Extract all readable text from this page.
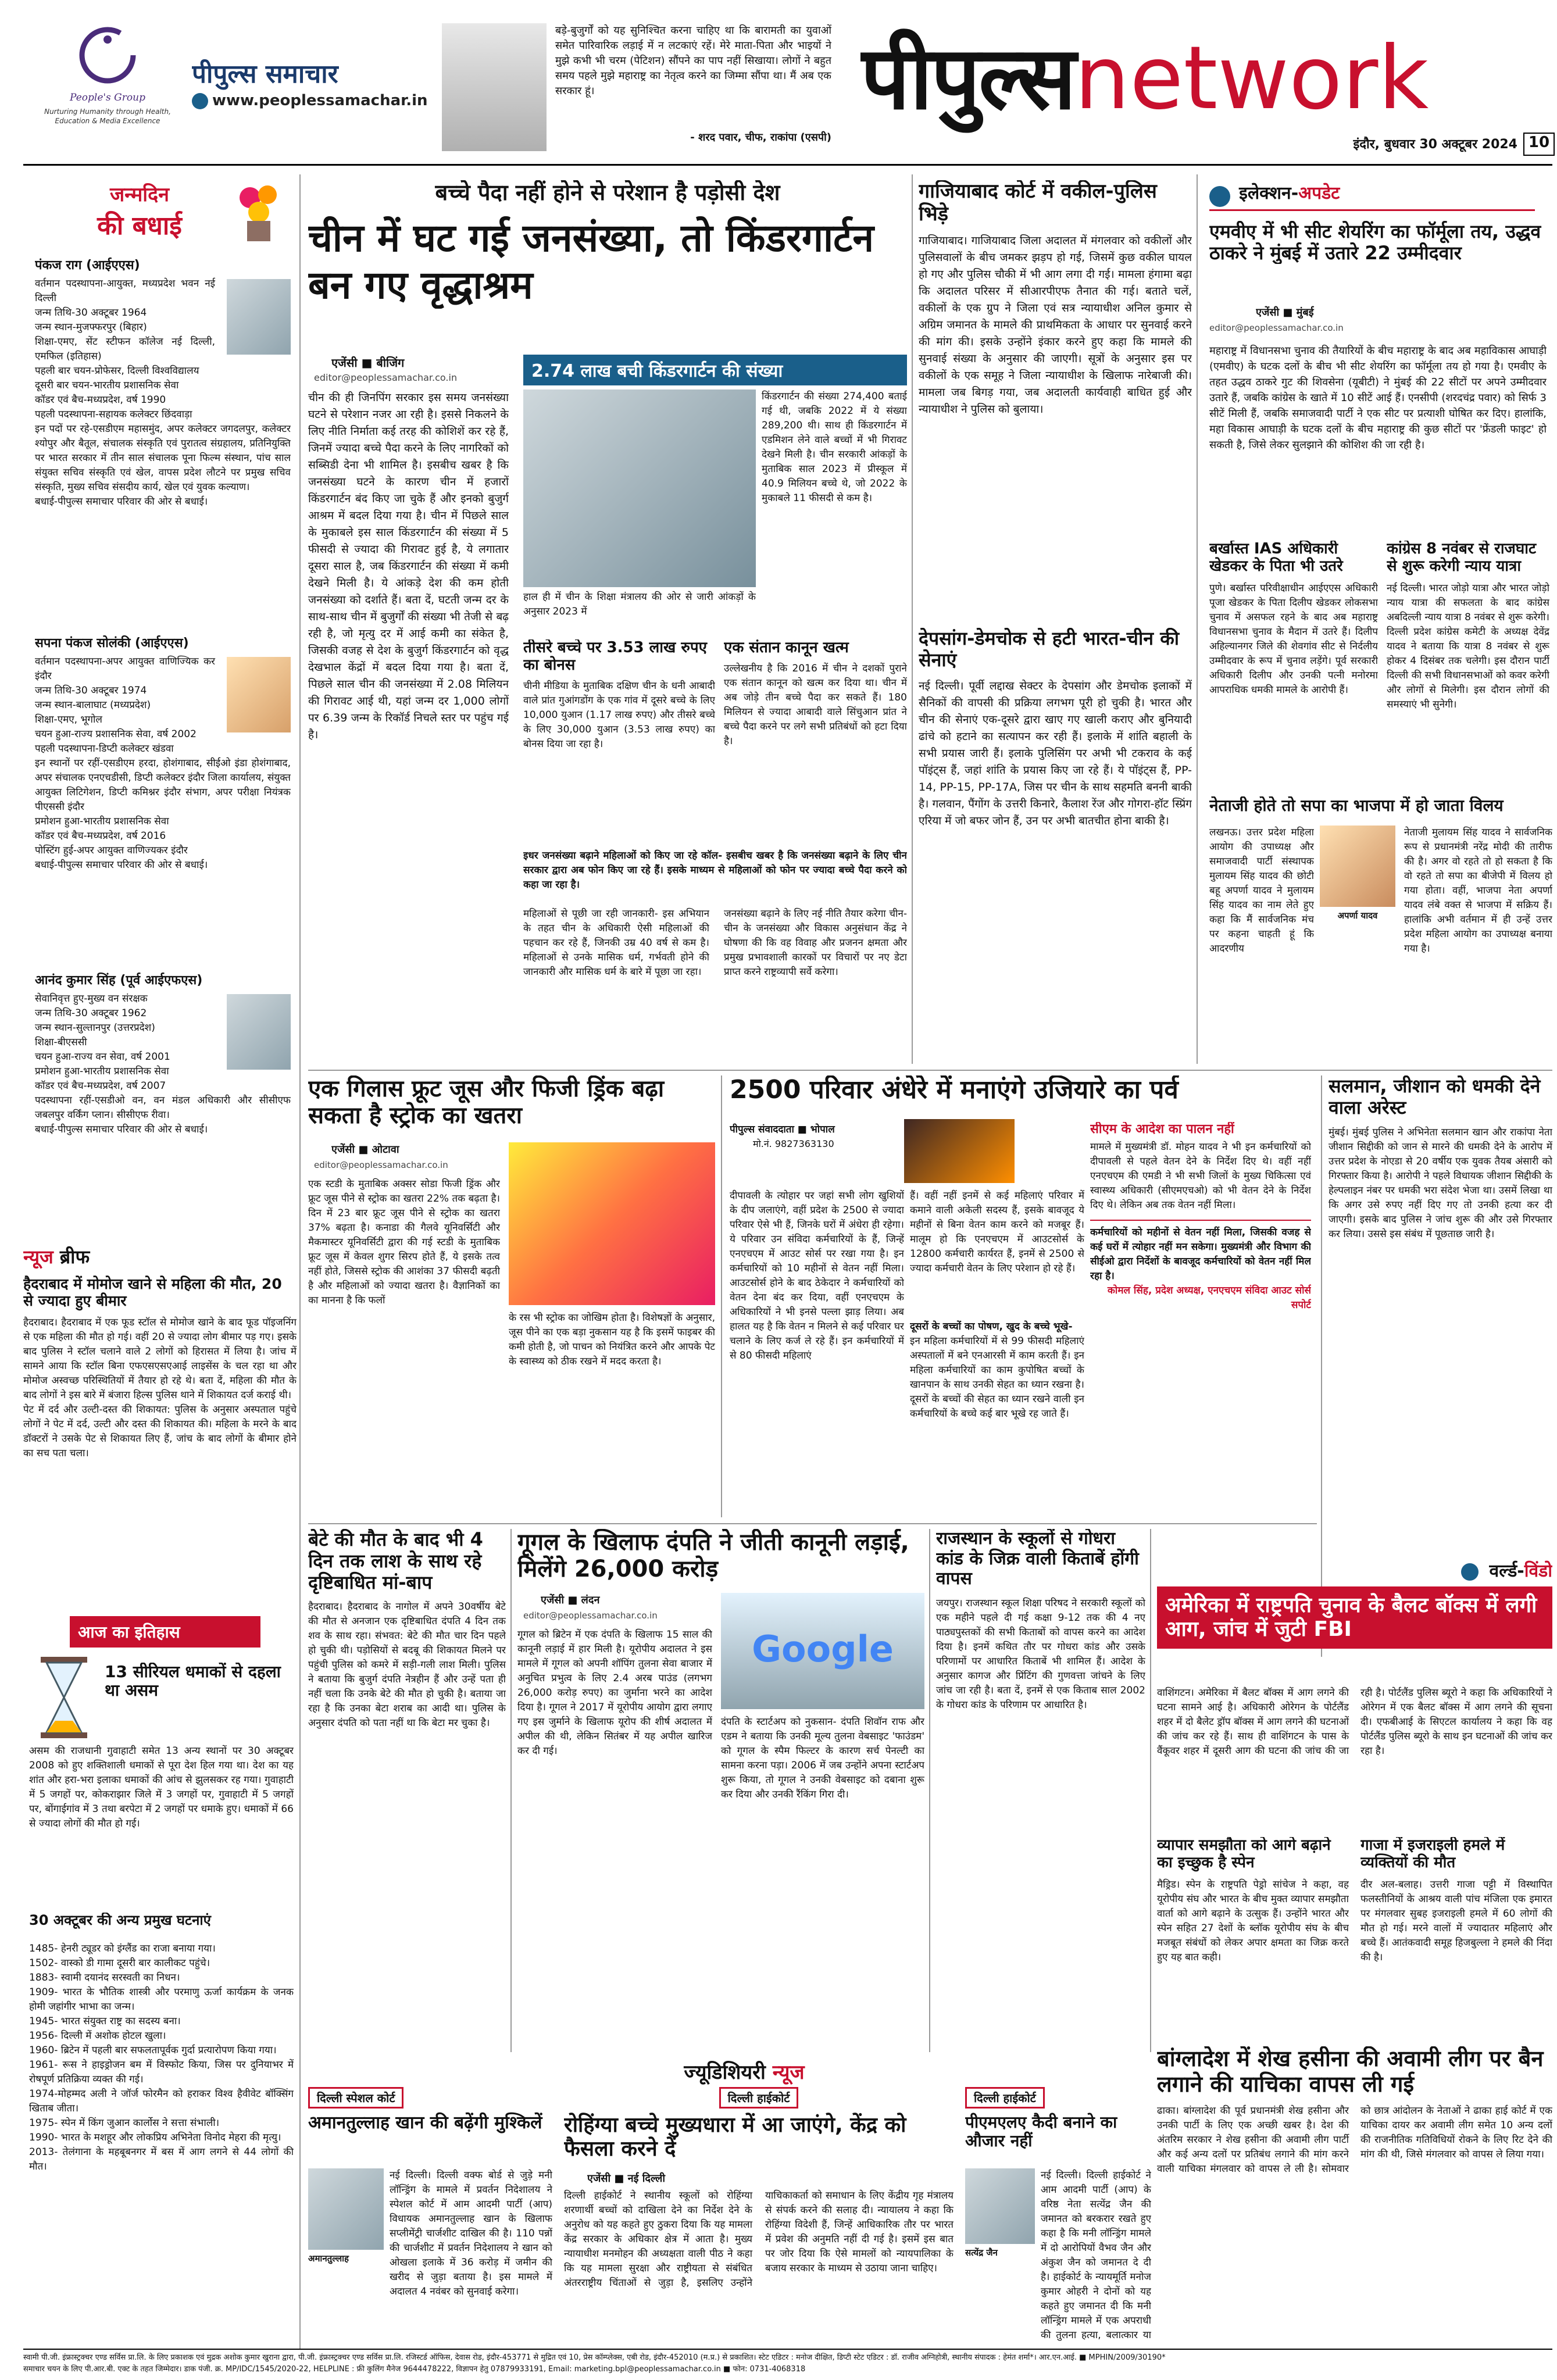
People's Group
Nurturing Humanity through Health, Education & Media Excellence
पीपुल्स समाचार
www.peoplessamachar.in
बड़े-बुजुर्गों को यह सुनिश्चित करना चाहिए था कि बारामती का युवाओं समेत पारिवारिक लड़ाई में न लटकाएं रहें। मेरे माता-पिता और भाइयों ने मुझे कभी भी चरम (पेटिशन) सौंपने का पाप नहीं सिखाया। लोगों ने बहुत समय पहले मुझे महाराष्ट्र का नेतृत्व करने का जिम्मा सौंपा था। मैं अब एक सरकार हूं।
- शरद पवार, चीफ, राकांपा (एसपी)
पीपुल्सnetwork
इंदौर, बुधवार 30 अक्टूबर 2024 10
जन्मदिन
की बधाई
पंकज राग (आईएएस)
वर्तमान पदस्थापना-आयुक्त, मध्यप्रदेश भवन नई दिल्ली
जन्म तिथि-30 अक्टूबर 1964
जन्म स्थान-मुजफ्फरपुर (बिहार)
शिक्षा-एमए, सेंट स्टीफन कॉलेज नई दिल्ली, एमफिल (इतिहास)
पहली बार चयन-प्रोफेसर, दिल्ली विश्वविद्यालय
दूसरी बार चयन-भारतीय प्रशासनिक सेवा
कॉडर एवं बैच-मध्यप्रदेश, वर्ष 1990
पहली पदस्थापना-सहायक कलेक्टर छिंदवाड़ा
इन पदों पर रहे-एसडीएम महासमुंद, अपर कलेक्टर जगदलपुर, कलेक्टर श्योपुर और बैतूल, संचालक संस्कृति एवं पुरातत्व संग्रहालय, प्रतिनियुक्ति पर भारत सरकार में तीन साल संचालक पूना फिल्म संस्थान, पांच साल संयुक्त सचिव संस्कृति एवं खेल, वापस प्रदेश लौटने पर प्रमुख सचिव संस्कृति, मुख्य सचिव संसदीय कार्य, खेल एवं युवक कल्याण।
बधाई-पीपुल्स समाचार परिवार की ओर से बधाई।
सपना पंकज सोलंकी (आईएएस)
वर्तमान पदस्थापना-अपर आयुक्त वाणिज्यिक कर इंदौर
जन्म तिथि-30 अक्टूबर 1974
जन्म स्थान-बालाघाट (मध्यप्रदेश)
शिक्षा-एमए, भूगोल
चयन हुआ-राज्य प्रशासनिक सेवा, वर्ष 2002
पहली पदस्थापना-डिप्टी कलेक्टर खंडवा
इन स्थानों पर रहीं-एसडीएम हरदा, होशंगाबाद, सीईओ इंडा होशंगाबाद, अपर संचालक एनएचडीसी, डिप्टी कलेक्टर इंदौर जिला कार्यालय, संयुक्त आयुक्त लिटिगेशन, डिप्टी कमिश्नर इंदौर संभाग, अपर परीक्षा नियंत्रक पीएससी इंदौर
प्रमोशन हुआ-भारतीय प्रशासनिक सेवा
कॉडर एवं बैच-मध्यप्रदेश, वर्ष 2016
पोस्टिंग हुई-अपर आयुक्त वाणिज्यकर इंदौर
बधाई-पीपुल्स समाचार परिवार की ओर से बधाई।
आनंद कुमार सिंह (पूर्व आईएफएस)
सेवानिवृत्त हुए-मुख्य वन संरक्षक
जन्म तिथि-30 अक्टूबर 1962
जन्म स्थान-सुल्तानपुर (उत्तरप्रदेश)
शिक्षा-बीएससी
चयन हुआ-राज्य वन सेवा, वर्ष 2001
प्रमोशन हुआ-भारतीय प्रशासनिक सेवा
कॉडर एवं बैच-मध्यप्रदेश, वर्ष 2007
पदस्थापना रहीं-एसडीओ वन, वन मंडल अधिकारी और सीसीएफ जबलपुर वर्किंग प्लान। सीसीएफ रीवा।
बधाई-पीपुल्स समाचार परिवार की ओर से बधाई।
न्यूज ब्रीफ
हैदराबाद में मोमोज खाने से महिला की मौत, 20 से ज्यादा हुए बीमार
हैदराबाद। हैदराबाद में एक फूड स्टॉल से मोमोज खाने के बाद फूड पॉइजनिंग से एक महिला की मौत हो गई। वहीं 20 से ज्यादा लोग बीमार पड़ गए। इसके बाद पुलिस ने स्टॉल चलाने वाले 2 लोगों को हिरासत में लिया है। जांच में सामने आया कि स्टॉल बिना एफएसएसएआई लाइसेंस के चल रहा था और मोमोज अस्वच्छ परिस्थितियों में तैयार हो रहे थे। बता दें, महिला की मौत के बाद लोगों ने इस बारे में बंजारा हिल्स पुलिस थाने में शिकायत दर्ज कराई थी।
पेट में दर्द और उल्टी-दस्त की शिकायत: पुलिस के अनुसार अस्पताल पहुंचे लोगों ने पेट में दर्द, उल्टी और दस्त की शिकायत की। महिला के मरने के बाद डॉक्टरों ने उसके पेट से शिकायत लिए हैं, जांच के बाद लोगों के बीमार होने का सच पता चला।
आज का इतिहास
13 सीरियल धमाकों से दहला था असम
असम की राजधानी गुवाहाटी समेत 13 अन्य स्थानों पर 30 अक्टूबर 2008 को हुए शक्तिशाली धमाकों से पूरा देश हिल गया था। देश का यह शांत और हरा-भरा इलाका धमाकों की आंच से झुलसकर रह गया। गुवाहाटी में 5 जगहों पर, कोकराझार जिले में 3 जगहों पर, गुवाहाटी में 5 जगहों पर, बोंगाईगांव में 3 तथा बरपेटा में 2 जगहों पर धमाके हुए। धमाकों में 66 से ज्यादा लोगों की मौत हो गई।
30 अक्टूबर की अन्य प्रमुख घटनाएं
1485- हेनरी ट्यूडर को इंग्लैंड का राजा बनाया गया।
1502- वास्को डी गामा दूसरी बार कालीकट पहुंचे।
1883- स्वामी दयानंद सरस्वती का निधन।
1909- भारत के भौतिक शास्त्री और परमाणु ऊर्जा कार्यक्रम के जनक होमी जहांगीर भाभा का जन्म।
1945- भारत संयुक्त राष्ट्र का सदस्य बना।
1956- दिल्ली में अशोक होटल खुला।
1960- ब्रिटेन में पहली बार सफलतापूर्वक गुर्दा प्रत्यारोपण किया गया।
1961- रूस ने हाइड्रोजन बम में विस्फोट किया, जिस पर दुनियाभर में रोषपूर्ण प्रतिक्रिया व्यक्त की गई।
1974-मोहम्मद अली ने जॉर्ज फोरमैन को हराकर विश्व हैवीवेट बॉक्सिंग खिताब जीता।
1975- स्पेन में किंग जुआन कार्लोस ने सत्ता संभाली।
1990- भारत के मशहूर और लोकप्रिय अभिनेता विनोद मेहरा की मृत्यु।
2013- तेलंगाना के महबूबनगर में बस में आग लगने से 44 लोगों की मौत।
बच्चे पैदा नहीं होने से परेशान है पड़ोसी देश
चीन में घट गई जनसंख्या, तो किंडरगार्टन बन गए वृद्धाश्रम
एजेंसी ■ बीजिंग
editor@peoplessamachar.co.in
चीन की ही जिनपिंग सरकार इस समय जनसंख्या घटने से परेशान नजर आ रही है। इससे निकलने के लिए नीति निर्माता कई तरह की कोशिशें कर रहे हैं, जिनमें ज्यादा बच्चे पैदा करने के लिए नागरिकों को सब्सिडी देना भी शामिल है। इसबीच खबर है कि जनसंख्या घटने के कारण चीन में हजारों किंडरगार्टन बंद किए जा चुके हैं और इनको बुजुर्ग आश्रम में बदल दिया गया है। चीन में पिछले साल के मुकाबले इस साल किंडरगार्टन की संख्या में 5 फीसदी से ज्यादा की गिरावट हुई है, ये लगातार दूसरा साल है, जब किंडरगार्टन की संख्या में कमी देखने मिली है। ये आंकड़े देश की कम होती जनसंख्या को दर्शाते हैं। बता दें, घटती जन्म दर के साथ-साथ चीन में बुजुर्गों की संख्या भी तेजी से बढ़ रही है, जो मृत्यु दर में आई कमी का संकेत है, जिसकी वजह से देश के बुजुर्ग किंडरगार्टन को वृद्ध देखभाल केंद्रों में बदल दिया गया है। बता दें, पिछले साल चीन की जनसंख्या में 2.08 मिलियन की गिरावट आई थी, यहां जन्म दर 1,000 लोगों पर 6.39 जन्म के रिकॉर्ड निचले स्तर पर पहुंच गई है।
2.74 लाख बची किंडरगार्टन की संख्या
किंडरगार्टन की संख्या 274,400 बताई गई थी, जबकि 2022 में ये संख्या 289,200 थी। साथ ही किंडरगार्टन में एडमिशन लेने वाले बच्चों में भी गिरावट देखने मिली है। चीन सरकारी आंकड़ों के मुताबिक साल 2023 में प्रीस्कूल में 40.9 मिलियन बच्चे थे, जो 2022 के मुकाबले 11 फीसदी से कम है।
हाल ही में चीन के शिक्षा मंत्रालय की ओर से जारी आंकड़ों के अनुसार 2023 में
तीसरे बच्चे पर 3.53 लाख रुपए का बोनस
चीनी मीडिया के मुताबिक दक्षिण चीन के धनी आबादी वाले प्रांत गुआंगडोंग के एक गांव में दूसरे बच्चे के लिए 10,000 युआन (1.17 लाख रुपए) और तीसरे बच्चे के लिए 30,000 युआन (3.53 लाख रुपए) का बोनस दिया जा रहा है।
एक संतान कानून खत्म
उल्लेखनीय है कि 2016 में चीन ने दशकों पुराने एक संतान कानून को खत्म कर दिया था। चीन में अब जोड़े तीन बच्चे पैदा कर सकते हैं। 180 मिलियन से ज्यादा आबादी वाले सिंचुआन प्रांत ने बच्चे पैदा करने पर लगे सभी प्रतिबंधों को हटा दिया है।
इधर जनसंख्या बढ़ाने महिलाओं को किए जा रहे कॉल- इसबीच खबर है कि जनसंख्या बढ़ाने के लिए चीन सरकार द्वारा अब फोन किए जा रहे हैं। इसके माध्यम से महिलाओं को फोन पर ज्यादा बच्चे पैदा करने को कहा जा रहा है।
महिलाओं से पूछी जा रही जानकारी- इस अभियान के तहत चीन के अधिकारी ऐसी महिलाओं की पहचान कर रहे हैं, जिनकी उम्र 40 वर्ष से कम है। महिलाओं से उनके मासिक धर्म, गर्भवती होने की जानकारी और मासिक धर्म के बारे में पूछा जा रहा।
जनसंख्या बढ़ाने के लिए नई नीति तैयार करेगा चीन- चीन के जनसंख्या और विकास अनुसंधान केंद्र ने घोषणा की कि वह विवाह और प्रजनन क्षमता और प्रमुख प्रभावशाली कारकों पर विचारों पर नए डेटा प्राप्त करने राष्ट्रव्यापी सर्वे करेगा।
गाजियाबाद कोर्ट में वकील-पुलिस भिड़े
गाजियाबाद। गाजियाबाद जिला अदालत में मंगलवार को वकीलों और पुलिसवालों के बीच जमकर झड़प हो गई, जिसमें कुछ वकील घायल हो गए और पुलिस चौकी में भी आग लगा दी गई। मामला हंगामा बढ़ा कि अदालत परिसर में सीआरपीएफ तैनात की गई। बताते चलें, वकीलों के एक ग्रुप ने जिला एवं सत्र न्यायाधीश अनिल कुमार से अग्रिम जमानत के मामले की प्राथमिकता के आधार पर सुनवाई करने की मांग की। इसके उन्होंने इंकार करने हुए कहा कि मामले की सुनवाई संख्या के अनुसार की जाएगी। सूत्रों के अनुसार इस पर वकीलों के एक समूह ने जिला न्यायाधीश के खिलाफ नारेबाजी की। मामला जब बिगड़ गया, जब अदालती कार्यवाही बाधित हुई और न्यायाधीश ने पुलिस को बुलाया।
देपसांग-डेमचोक से हटी भारत-चीन की सेनाएं
नई दिल्ली। पूर्वी लद्दाख सेक्टर के देपसांग और डेमचोक इलाकों में सैनिकों की वापसी की प्रक्रिया लगभग पूरी हो चुकी है। भारत और चीन की सेनाएं एक-दूसरे द्वारा खाए गए खाली कराए और बुनियादी ढांचे को हटाने का सत्यापन कर रही हैं। इलाके में शांति बहाली के सभी प्रयास जारी हैं। इलाके पुलिसिंग पर अभी भी टकराव के कई पॉइंट्स हैं, जहां शांति के प्रयास किए जा रहे हैं। ये पॉइंट्स हैं, PP-14, PP-15, PP-17A, जिस पर चीन के साथ सहमति बननी बाकी है। गलवान, पैंगोंग के उत्तरी किनारे, कैलाश रेंज और गोगरा-हॉट स्प्रिंग एरिया में जो बफर जोन हैं, उन पर अभी बातचीत होना बाकी है।
इलेक्शन-अपडेट
एमवीए में भी सीट शेयरिंग का फॉर्मूला तय, उद्धव ठाकरे ने मुंबई में उतारे 22 उम्मीदवार
एजेंसी ■ मुंबई
editor@peoplessamachar.co.in
महाराष्ट्र में विधानसभा चुनाव की तैयारियों के बीच महाराष्ट्र के बाद अब महाविकास आघाड़ी (एमवीए) के घटक दलों के बीच भी सीट शेयरिंग का फॉर्मूला तय हो गया है। एमवीए के तहत उद्धव ठाकरे गुट की शिवसेना (यूबीटी) ने मुंबई की 22 सीटों पर अपने उम्मीदवार उतारे हैं, जबकि कांग्रेस के खाते में 10 सीटें आई हैं। एनसीपी (शरदचंद्र पवार) को सिर्फ 3 सीटें मिली हैं, जबकि समाजवादी पार्टी ने एक सीट पर प्रत्याशी घोषित कर दिए। हालांकि, महा विकास आघाड़ी के घटक दलों के बीच महाराष्ट्र की कुछ सीटों पर 'फ्रेंडली फाइट' हो सकती है, जिसे लेकर सुलझाने की कोशिश की जा रही है।
बर्खास्त IAS अधिकारी खेडकर के पिता भी उतरे
पुणे। बर्खास्त परिवीक्षाधीन आईएएस अधिकारी पूजा खेडकर के पिता दिलीप खेडकर लोकसभा चुनाव में असफल रहने के बाद अब महाराष्ट्र विधानसभा चुनाव के मैदान में उतरे हैं। दिलीप अहिल्यानगर जिले की शेवगांव सीट से निर्दलीय उम्मीदवार के रूप में चुनाव लड़ेंगे। पूर्व सरकारी अधिकारी दिलीप और उनकी पत्नी मनोरमा आपराधिक धमकी मामले के आरोपी हैं।
कांग्रेस 8 नवंबर से राजघाट से शुरू करेगी न्याय यात्रा
नई दिल्ली। भारत जोड़ो यात्रा और भारत जोड़ो न्याय यात्रा की सफलता के बाद कांग्रेस अबदिल्ली न्याय यात्रा 8 नवंबर से शुरू करेगी। दिल्ली प्रदेश कांग्रेस कमेटी के अध्यक्ष देवेंद्र यादव ने बताया कि यात्रा 8 नवंबर से शुरू होकर 4 दिसंबर तक चलेगी। इस दौरान पार्टी दिल्ली की सभी विधानसभाओं को कवर करेगी और लोगों से मिलेगी। इस दौरान लोगों की समस्याएं भी सुनेगी।
नेताजी होते तो सपा का भाजपा में हो जाता विलय
लखनऊ। उत्तर प्रदेश महिला आयोग की उपाध्यक्ष और समाजवादी पार्टी संस्थापक मुलायम सिंह यादव की छोटी बहू अपर्णा यादव ने मुलायम सिंह यादव का नाम लेते हुए कहा कि मैं सार्वजनिक मंच पर कहना चाहती हूं कि आदरणीय
अपर्णा यादव
नेताजी मुलायम सिंह यादव ने सार्वजनिक रूप से प्रधानमंत्री नरेंद्र मोदी की तारीफ की है। अगर वो रहते तो हो सकता है कि वो रहते तो सपा का बीजेपी में विलय हो गया होता। वहीं, भाजपा नेता अपर्णा यादव लंबे वक्त से भाजपा में सक्रिय हैं। हालांकि अभी वर्तमान में ही उन्हें उत्तर प्रदेश महिला आयोग का उपाध्यक्ष बनाया गया है।
एक गिलास फ्रूट जूस और फिजी ड्रिंक बढ़ा सकता है स्ट्रोक का खतरा
एजेंसी ■ ओटावा
editor@peoplessamachar.co.in
एक स्टडी के मुताबिक अक्सर सोडा फिजी ड्रिंक और फ्रूट जूस पीने से स्ट्रोक का खतरा 22% तक बढ़ता है। दिन में 23 बार फ्रूट जूस पीने से स्ट्रोक का खतरा 37% बढ़ता है। कनाडा की गैलवे यूनिवर्सिटी और मैकमास्टर यूनिवर्सिटी द्वारा की गई स्टडी के मुताबिक फ्रूट जूस में केवल शुगर सिरप होते हैं, ये इसके तत्व नहीं होते, जिससे स्ट्रोक की आशंका 37 फीसदी बढ़ती है और महिलाओं को ज्यादा खतरा है। वैज्ञानिकों का का मानना है कि फलों
के रस भी स्ट्रोक का जोखिम होता है। विशेषज्ञों के अनुसार, जूस पीने का एक बड़ा नुकसान यह है कि इसमें फाइबर की कमी होती है, जो पाचन को नियंत्रित करने और आपके पेट के स्वास्थ्य को ठीक रखने में मदद करता है।
2500 परिवार अंधेरे में मनाएंगे उजियारे का पर्व
पीपुल्स संवाददाता ■ भोपाल
मो.नं. 9827363130
दीपावली के त्योहार पर जहां सभी लोग खुशियों के दीप जलाएंगे, वहीं प्रदेश के 2500 से ज्यादा परिवार ऐसे भी हैं, जिनके घरों में अंधेरा ही रहेगा। ये परिवार उन संविदा कर्मचारियों के हैं, जिन्हें एनएचएम में आउट सोर्स पर रखा गया है। इन कर्मचारियों को 10 महीनों से वेतन नहीं मिला। आउटसोर्स होने के बाद ठेकेदार ने कर्मचारियों को वेतन देना बंद कर दिया, वहीं एनएचएम के अधिकारियों ने भी इनसे पल्ला झाड़ लिया। अब हालत यह है कि वेतन न मिलने से कई परिवार घर चलाने के लिए कर्ज ले रहे हैं। इन कर्मचारियों में से 80 फीसदी महिलाएं
हैं। वहीं नहीं इनमें से कई महिलाएं परिवार में कमाने वाली अकेली सदस्य हैं, इसके बावजूद ये महीनों से बिना वेतन काम करने को मजबूर हैं। मालूम हो कि एनएचएम में आउटसोर्स के 12800 कर्मचारी कार्यरत हैं, इनमें से 2500 से ज्यादा कर्मचारी वेतन के लिए परेशान हो रहे हैं।
दूसरों के बच्चों का पोषण, खुद के बच्चे भूखे-
इन महिला कर्मचारियों में से 99 फीसदी महिलाएं अस्पतालों में बने एनआरसी में काम करती हैं। इन महिला कर्मचारियों का काम कुपोषित बच्चों के खानपान के साथ उनकी सेहत का ध्यान रखना है। दूसरों के बच्चों की सेहत का ध्यान रखने वाली इन कर्मचारियों के बच्चे कई बार भूखे रह जाते हैं।
सीएम के आदेश का पालन नहीं
मामले में मुख्यमंत्री डॉ. मोहन यादव ने भी इन कर्मचारियों को दीपावली से पहले वेतन देने के निर्देश दिए थे। वहीं नहीं एनएचएम की एमडी ने भी सभी जिलों के मुख्य चिकित्सा एवं स्वास्थ्य अधिकारी (सीएमएचओ) को भी वेतन देने के निर्देश दिए थे। लेकिन अब तक वेतन नहीं मिला।
कर्मचारियों को महीनों से वेतन नहीं मिला, जिसकी वजह से कई घरों में त्योहार नहीं मन सकेगा। मुख्यमंत्री और विभाग की सीईओ द्वारा निर्देशों के बावजूद कर्मचारियों को वेतन नहीं मिल रहा है।
कोमल सिंह, प्रदेश अध्यक्ष, एनएचएम संविदा आउट सोर्स सपोर्ट
सलमान, जीशान को धमकी देने वाला अरेस्ट
मुंबई। मुंबई पुलिस ने अभिनेता सलमान खान और राकांपा नेता जीशान सिद्दीकी को जान से मारने की धमकी देने के आरोप में उत्तर प्रदेश के नोएडा से 20 वर्षीय एक युवक तैयब अंसारी को गिरफ्तार किया है। आरोपी ने पहले विधायक जीशान सिद्दीकी के हेल्पलाइन नंबर पर धमकी भरा संदेश भेजा था। उसमें लिखा था कि अगर उसे रुपए नहीं दिए गए तो उनकी हत्या कर दी जाएगी। इसके बाद पुलिस ने जांच शुरू की और उसे गिरफ्तार कर लिया। उससे इस संबंध में पूछताछ जारी है।
बेटे की मौत के बाद भी 4 दिन तक लाश के साथ रहे दृष्टिबाधित मां-बाप
हैदराबाद। हैदराबाद के नागोल में अपने 30वर्षीय बेटे की मौत से अनजान एक दृष्टिबाधित दंपति 4 दिन तक शव के साथ रहा। संभवत: बेटे की मौत चार दिन पहले हो चुकी थी। पड़ोसियों से बदबू की शिकायत मिलने पर पहुंची पुलिस को कमरे में सड़ी-गली लाश मिली। पुलिस ने बताया कि बुजुर्ग दंपति नेत्रहीन हैं और उन्हें पता ही नहीं चला कि उनके बेटे की मौत हो चुकी है। बताया जा रहा है कि उनका बेटा शराब का आदी था। पुलिस के अनुसार दंपति को पता नहीं था कि बेटा मर चुका है।
गूगल के खिलाफ दंपति ने जीती कानूनी लड़ाई, मिलेंगे 26,000 करोड़
एजेंसी ■ लंदन
editor@peoplessamachar.co.in
गूगल को ब्रिटेन में एक दंपति के खिलाफ 15 साल की कानूनी लड़ाई में हार मिली है। यूरोपीय अदालत ने इस मामले में गूगल को अपनी शॉपिंग तुलना सेवा बाजार में अनुचित प्रभुत्व के लिए 2.4 अरब पाउंड (लगभग 26,000 करोड़ रुपए) का जुर्माना भरने का आदेश दिया है। गूगल ने 2017 में यूरोपीय आयोग द्वारा लगाए गए इस जुर्माने के खिलाफ यूरोप की शीर्ष अदालत में अपील की थी, लेकिन सितंबर में यह अपील खारिज कर दी गई।
Google
दंपति के स्टार्टअप को नुकसान- दंपति शिवॉन राफ और एडम ने बताया कि उनकी मूल्य तुलना वेबसाइट 'फाउंडम' को गूगल के स्पैम फिल्टर के कारण सर्च पेनल्टी का सामना करना पड़ा। 2006 में जब उन्होंने अपना स्टार्टअप शुरू किया, तो गूगल ने उनकी वेबसाइट को दबाना शुरू कर दिया और उनकी रैंकिंग गिरा दी।
राजस्थान के स्कूलों से गोधरा कांड के जिक्र वाली किताबें होंगी वापस
जयपुर। राजस्थान स्कूल शिक्षा परिषद ने सरकारी स्कूलों को एक महीने पहले दी गई कक्षा 9-12 तक की 4 नए पाठ्यपुस्तकों की सभी किताबों को वापस करने का आदेश दिया है। इनमें कथित तौर पर गोधरा कांड और उसके परिणामों पर आधारित किताबें भी शामिल हैं। आदेश के अनुसार कागज और प्रिंटिंग की गुणवत्ता जांचने के लिए जांच जा रही है। बता दें, इनमें से एक किताब साल 2002 के गोधरा कांड के परिणाम पर आधारित है।
वर्ल्ड-विंडो
अमेरिका में राष्ट्रपति चुनाव के बैलट बॉक्स में लगी आग, जांच में जुटी FBI
वाशिंगटन। अमेरिका में बैलट बॉक्स में आग लगने की घटना सामने आई है। अधिकारी ओरेगन के पोर्टलैंड शहर में दो बैलेट ड्रॉप बॉक्स में आग लगने की घटनाओं की जांच कर रहे हैं। साथ ही वाशिंगटन के पास के वैंकूवर शहर में दूसरी आग की घटना की जांच की जा रही है। पोर्टलैंड पुलिस ब्यूरो ने कहा कि अधिकारियों ने ओरेगन में एक बैलट बॉक्स में आग लगने की सूचना दी। एफबीआई के सिएटल कार्यालय ने कहा कि वह पोर्टलैंड पुलिस ब्यूरो के साथ इन घटनाओं की जांच कर रहा है।
व्यापार समझौता को आगे बढ़ाने का इच्छुक है स्पेन
मैड्रिड। स्पेन के राष्ट्रपति पेड्रो सांचेज ने कहा, वह यूरोपीय संघ और भारत के बीच मुक्त व्यापार समझौता वार्ता को आगे बढ़ाने के उत्सुक हैं। उन्होंने भारत और स्पेन सहित 27 देशों के ब्लॉक यूरोपीय संघ के बीच मजबूत संबंधों को लेकर अपार क्षमता का जिक्र करते हुए यह बात कही।
गाजा में इजराइली हमले में व्यक्तियों की मौत
दीर अल-बलाह। उत्तरी गाजा पट्टी में विस्थापित फलस्तीनियों के आश्रय वाली पांच मंजिला एक इमारत पर मंगलवार सुबह इजराइली हमले में 60 लोगों की मौत हो गई। मरने वालों में ज्यादातर महिलाएं और बच्चे हैं। आतंकवादी समूह हिजबुल्ला ने हमले की निंदा की है।
ज्यूडिशियरी न्यूज
दिल्ली स्पेशल कोर्ट
अमानतुल्लाह खान की बढ़ेंगी मुश्किलें
अमानतुल्लाह
नई दिल्ली। दिल्ली वक्फ बोर्ड से जुड़े मनी लॉन्ड्रिंग के मामले में प्रवर्तन निदेशालय ने स्पेशल कोर्ट में आम आदमी पार्टी (आप) विधायक अमानतुल्लाह खान के खिलाफ सप्लीमेंट्री चार्जशीट दाखिल की है। 110 पन्नों की चार्जशीट में प्रवर्तन निदेशालय ने खान को ओखला इलाके में 36 करोड़ में जमीन की खरीद से जुड़ा बताया है। इस मामले में अदालत 4 नवंबर को सुनवाई करेगा।
दिल्ली हाईकोर्ट
रोहिंग्या बच्चे मुख्यधारा में आ जाएंगे, केंद्र को फैसला करने दें
एजेंसी ■ नई दिल्ली
दिल्ली हाईकोर्ट ने स्थानीय स्कूलों को रोहिंग्या शरणार्थी बच्चों को दाखिला देने का निर्देश देने के अनुरोध को यह कहते हुए ठुकरा दिया कि यह मामला केंद्र सरकार के अधिकार क्षेत्र में आता है। मुख्य न्यायाधीश मनमोहन की अध्यक्षता वाली पीठ ने कहा कि यह मामला सुरक्षा और राष्ट्रीयता से संबंधित अंतरराष्ट्रीय चिंताओं से जुड़ा है, इसलिए उन्होंने याचिकाकर्ता को समाधान के लिए केंद्रीय गृह मंत्रालय से संपर्क करने की सलाह दी। न्यायालय ने कहा कि रोहिंग्या विदेशी हैं, जिन्हें आधिकारिक तौर पर भारत में प्रवेश की अनुमति नहीं दी गई है। इसमें इस बात पर जोर दिया कि ऐसे मामलों को न्यायपालिका के बजाय सरकार के माध्यम से उठाया जाना चाहिए।
दिल्ली हाईकोर्ट
पीएमएलए कैदी बनाने का औजार नहीं
सत्येंद्र जैन
नई दिल्ली। दिल्ली हाईकोर्ट ने आम आदमी पार्टी (आप) के वरिष्ठ नेता सत्येंद्र जैन की जमानत को बरकरार रखते हुए कहा है कि मनी लॉन्ड्रिंग मामले में दो आरोपियों वैभव जैन और अंकुश जैन को जमानत दे दी है। हाईकोर्ट के न्यायमूर्ति मनोज कुमार ओहरी ने दोनों को यह कहते हुए जमानत दी कि मनी लॉन्ड्रिंग मामले में एक अपराधी की तुलना हत्या, बलात्कार या
बांग्लादेश में शेख हसीना की अवामी लीग पर बैन लगाने की याचिका वापस ली गई
ढाका। बांग्लादेश की पूर्व प्रधानमंत्री शेख हसीना और उनकी पार्टी के लिए एक अच्छी खबर है। देश की अंतरिम सरकार ने शेख हसीना की अवामी लीग पार्टी और कई अन्य दलों पर प्रतिबंध लगाने की मांग करने वाली याचिका मंगलवार को वापस ले ली है। सोमवार को छात्र आंदोलन के नेताओं ने ढाका हाई कोर्ट में एक याचिका दायर कर अवामी लीग समेत 10 अन्य दलों की राजनीतिक गतिविधियों रोकने के लिए रिट देने की मांग की थी, जिसे मंगलवार को वापस ले लिया गया।
स्वामी पी.जी. इंफ्रास्ट्रक्चर एण्ड सर्विस प्रा.लि. के लिए प्रकाशक एवं मुद्रक अशोक कुमार खुराना द्वारा, पी.जी. इंफ्रास्ट्रक्चर एण्ड सर्विस प्रा.लि. रजिस्टर्ड ऑफिस, देवास रोड, इंदौर-453771 से मुद्रित एवं 10, प्रेस कॉम्प्लेक्स, एबी रोड, इंदौर-452010 (म.प्र.) से प्रकाशित। स्टेट एडिटर : मनोज दीक्षित, डिप्टी स्टेट एडिटर : डॉ. राजीव अग्निहोत्री, स्थानीय संपादक : हेमंत शर्मा*। आर.एन.आई. ■ MPHIN/2009/30190*
समाचार चयन के लिए पी.आर.बी. एक्ट के तहत जिम्मेदार। डाक पंजी. क्र. MP/IDC/1545/2020-22, HELPLINE : फ्री कुलिंग मैनेज 9644478222, विज्ञापन हेतु 07879933191, Email: marketing.bpl@peoplessamachar.co.in ■ फोन: 0731-4068318
